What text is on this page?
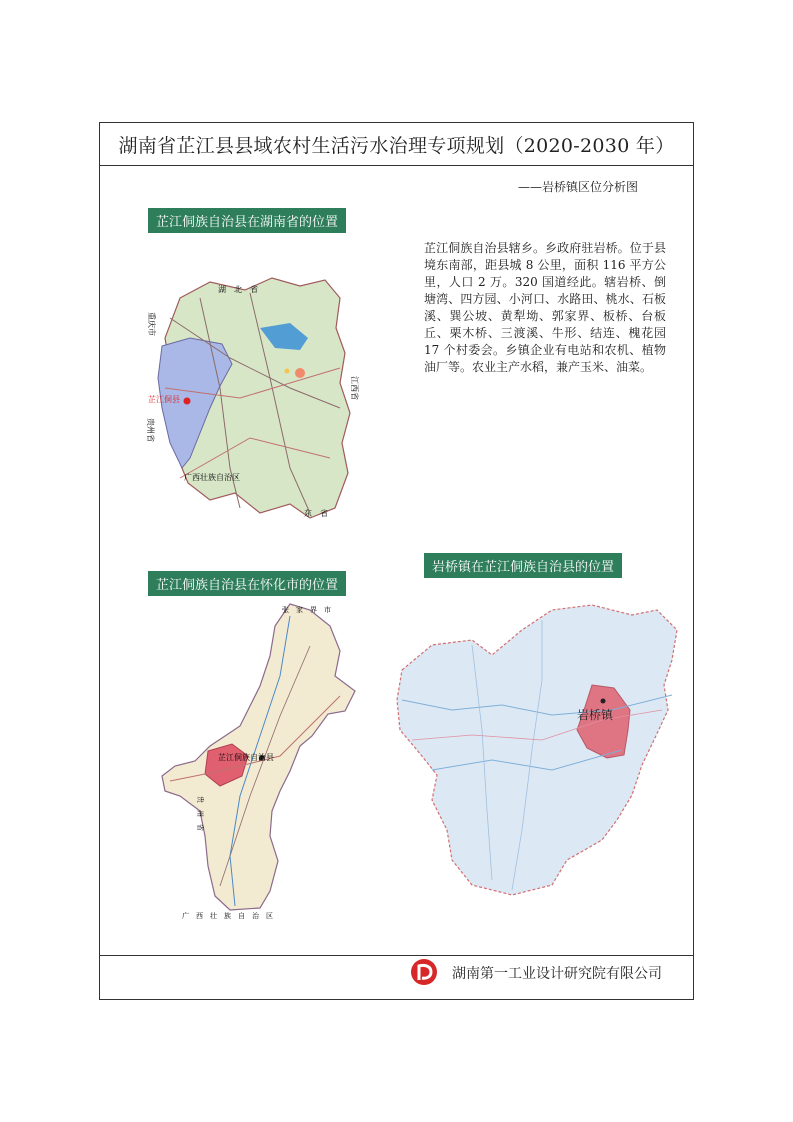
湖南省芷江县县域农村生活污水治理专项规划（2020-2030 年）
——岩桥镇区位分析图
芷江侗族自治县在湖南省的位置
芷江侗族自治县在怀化市的位置
岩桥镇在芷江侗族自治县的位置
芷江侗族自治县辖乡。乡政府驻岩桥。位于县境东南部，距县城 8 公里，面积 116 平方公里，人口 2 万。320 国道经此。辖岩桥、倒塘湾、四方园、小河口、水路田、桃水、石板溪、巽公坡、黄犁坳、郭家界、板桥、台板丘、栗木桥、三渡溪、牛形、结连、槐花园 17 个村委会。乡镇企业有电站和农机、植物油厂等。农业主产水稻，兼产玉米、油菜。
湖　北　省
重庆市
江西省
贵州省
广西壮族自治区
东　省
芷江侗县
张　家　界　市
贵　州　省
广　西　壮　族　自　治　区
芷江侗族自治县
岩桥镇
湖南第一工业设计研究院有限公司
